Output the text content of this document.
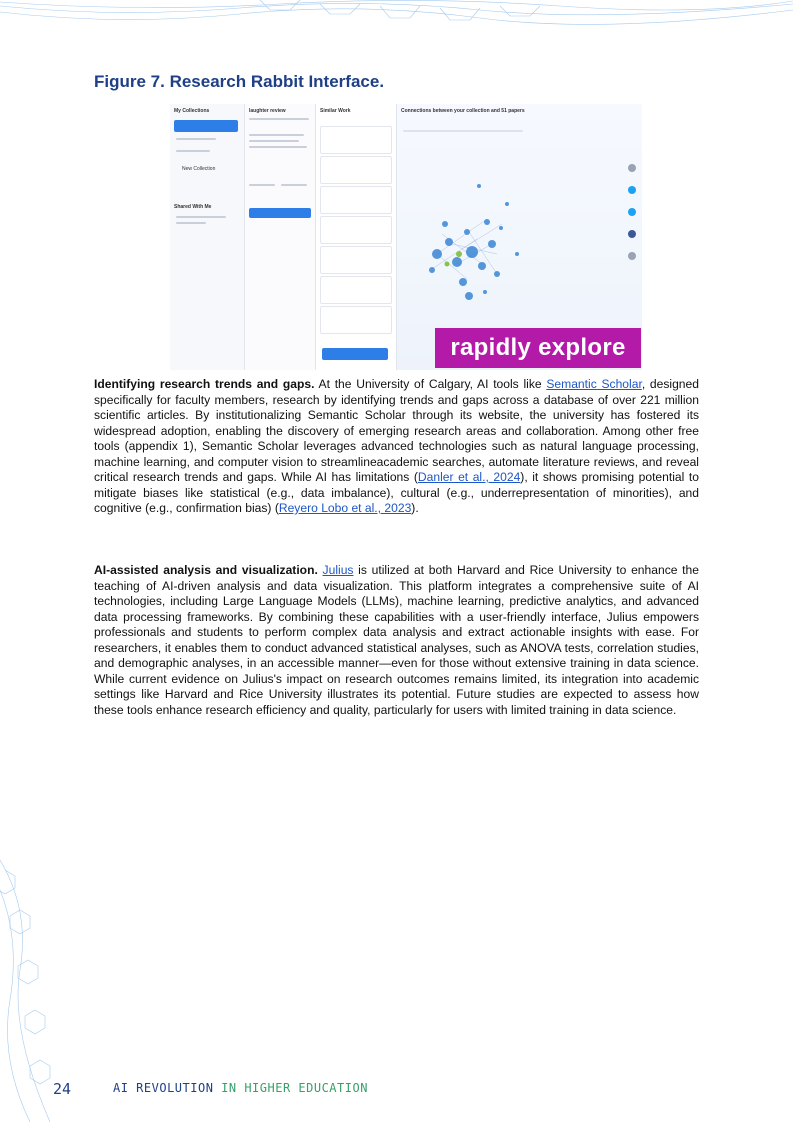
Figure 7. Research Rabbit Interface.
My Collections
New Collection
Shared With Me
laughter review	Similar Work	Connections between your collection and 51 papers
rapidly explore

Identifying research trends and gaps. At the University of Calgary, AI tools like Semantic Scholar, designed specifically for faculty members, research by identifying trends and gaps across a database of over 221 million scientific articles. By institutionalizing Semantic Scholar through its website, the university has fostered its widespread adoption, enabling the discovery of emerging research areas and collaboration. Among other free tools (appendix 1), Semantic Scholar leverages advanced technologies such as natural language processing, machine learning, and computer vision to streamlineacademic searches, automate literature reviews, and reveal critical research trends and gaps. While AI has limitations (Danler et al., 2024), it shows promising potential to mitigate biases like statistical (e.g., data imbalance), cultural (e.g., underrepresentation of minorities), and cognitive (e.g., confirmation bias) (Reyero Lobo et al., 2023).

AI-assisted analysis and visualization. Julius is utilized at both Harvard and Rice University to enhance the teaching of AI-driven analysis and data visualization. This platform integrates a comprehensive suite of AI technologies, including Large Language Models (LLMs), machine learning, predictive analytics, and advanced data processing frameworks. By combining these capabilities with a user-friendly interface, Julius empowers professionals and students to perform complex data analysis and extract actionable insights with ease. For researchers, it enables them to conduct advanced statistical analyses, such as ANOVA tests, correlation studies, and demographic analyses, in an accessible manner—even for those without extensive training in data science. While current evidence on Julius's impact on research outcomes remains limited, its integration into academic settings like Harvard and Rice University illustrates its potential. Future studies are expected to assess how these tools enhance research efficiency and quality, particularly for users with limited training in data science.

24	AI REVOLUTION IN HIGHER EDUCATION
